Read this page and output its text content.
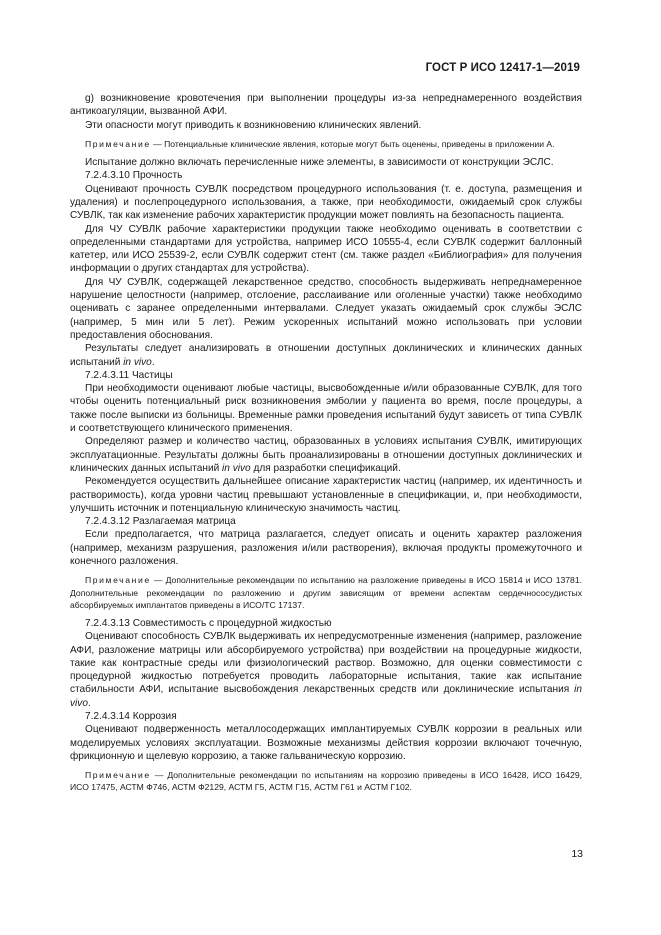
ГОСТ Р ИСО 12417-1—2019

g) возникновение кровотечения при выполнении процедуры из-за непреднамеренного воздействия антикоагуляции, вызванной АФИ.

Эти опасности могут приводить к возникновению клинических явлений.

Примечание — Потенциальные клинические явления, которые могут быть оценены, приведены в приложении А.

Испытание должно включать перечисленные ниже элементы, в зависимости от конструкции ЭСЛС.

7.2.4.3.10 Прочность

Оценивают прочность СУВЛК посредством процедурного использования (т. е. доступа, размещения и удаления) и послепроцедурного использования, а также, при необходимости, ожидаемый срок службы СУВЛК, так как изменение рабочих характеристик продукции может повлиять на безопасность пациента.

Для ЧУ СУВЛК рабочие характеристики продукции также необходимо оценивать в соответствии с определенными стандартами для устройства, например ИСО 10555-4, если СУВЛК содержит баллонный катетер, или ИСО 25539-2, если СУВЛК содержит стент (см. также раздел «Библиография» для получения информации о других стандартах для устройства).

Для ЧУ СУВЛК, содержащей лекарственное средство, способность выдерживать непреднамеренное нарушение целостности (например, отслоение, расслаивание или оголенные участки) также необходимо оценивать с заранее определенными интервалами. Следует указать ожидаемый срок службы ЭСЛС (например, 5 мин или 5 лет). Режим ускоренных испытаний можно использовать при условии предоставления обоснования.

Результаты следует анализировать в отношении доступных доклинических и клинических данных испытаний in vivo.

7.2.4.3.11 Частицы

При необходимости оценивают любые частицы, высвобожденные и/или образованные СУВЛК, для того чтобы оценить потенциальный риск возникновения эмболии у пациента во время, после процедуры, а также после выписки из больницы. Временные рамки проведения испытаний будут зависеть от типа СУВЛК и соответствующего клинического применения.

Определяют размер и количество частиц, образованных в условиях испытания СУВЛК, имитирующих эксплуатационные. Результаты должны быть проанализированы в отношении доступных доклинических и клинических данных испытаний in vivo для разработки спецификаций.

Рекомендуется осуществить дальнейшее описание характеристик частиц (например, их идентичность и растворимость), когда уровни частиц превышают установленные в спецификации, и, при необходимости, улучшить источник и потенциальную клиническую значимость частиц.

7.2.4.3.12 Разлагаемая матрица

Если предполагается, что матрица разлагается, следует описать и оценить характер разложения (например, механизм разрушения, разложения и/или растворения), включая продукты промежуточного и конечного разложения.

Примечание — Дополнительные рекомендации по испытанию на разложение приведены в ИСО 15814 и ИСО 13781. Дополнительные рекомендации по разложению и другим зависящим от времени аспектам сердечнососудистых абсорбируемых имплантатов приведены в ИСО/ТС 17137.

7.2.4.3.13 Совместимость с процедурной жидкостью

Оценивают способность СУВЛК выдерживать их непредусмотренные изменения (например, разложение АФИ, разложение матрицы или абсорбируемого устройства) при воздействии на процедурные жидкости, такие как контрастные среды или физиологический раствор. Возможно, для оценки совместимости с процедурной жидкостью потребуется проводить лабораторные испытания, такие как испытание стабильности АФИ, испытание высвобождения лекарственных средств или доклинические испытания in vivo.

7.2.4.3.14 Коррозия

Оценивают подверженность металлосодержащих имплантируемых СУВЛК коррозии в реальных или моделируемых условиях эксплуатации. Возможные механизмы действия коррозии включают точечную, фрикционную и щелевую коррозию, а также гальваническую коррозию.

Примечание — Дополнительные рекомендации по испытаниям на коррозию приведены в ИСО 16428, ИСО 16429, ИСО 17475, АСТМ Ф746, АСТМ Ф2129, АСТМ Г5, АСТМ Г15, АСТМ Г61 и АСТМ Г102.

13
